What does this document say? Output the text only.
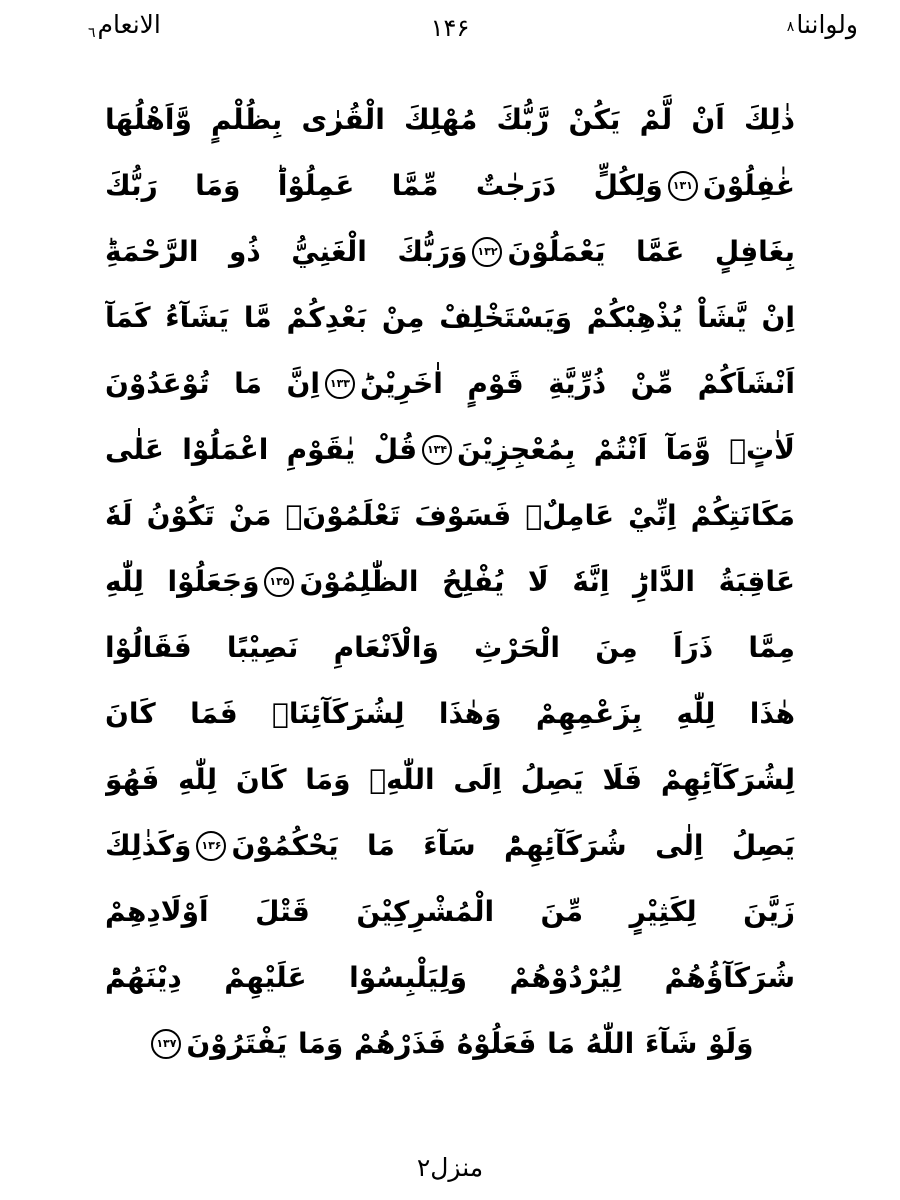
ولواننا٨
۱۴۶
الانعام٦
ذٰلِكَ اَنْ لَّمْ يَكُنْ رَّبُّكَ مُهْلِكَ الْقُرٰى بِظُلْمٍ وَّاَهْلُهَا
غٰفِلُوْنَ۱۳۱وَلِكُلٍّ دَرَجٰتٌ مِّمَّا عَمِلُوْاؕ وَمَا رَبُّكَ
بِغَافِلٍ عَمَّا يَعْمَلُوْنَ۱۳۲وَرَبُّكَ الْغَنِيُّ ذُو الرَّحْمَةِؕ
اِنْ يَّشَاْ يُذْهِبْكُمْ وَيَسْتَخْلِفْ مِنْ بَعْدِكُمْ مَّا يَشَآءُ كَمَآ
اَنْشَاَكُمْ مِّنْ ذُرِّيَّةِ قَوْمٍ اٰخَرِيْنَؕ۱۳۳اِنَّ مَا تُوْعَدُوْنَ
لَاٰتٍۙ وَّمَآ اَنْتُمْ بِمُعْجِزِيْنَ۱۳۴قُلْ يٰقَوْمِ اعْمَلُوْا عَلٰى
مَكَانَتِكُمْ اِنِّيْ عَامِلٌۚ فَسَوْفَ تَعْلَمُوْنَۙ مَنْ تَكُوْنُ لَهٗ
عَاقِبَةُ الدَّارِؕ اِنَّهٗ لَا يُفْلِحُ الظّٰلِمُوْنَ۱۳۵وَجَعَلُوْا لِلّٰهِ
مِمَّا ذَرَاَ مِنَ الْحَرْثِ وَالْاَنْعَامِ نَصِيْبًا فَقَالُوْا
هٰذَا لِلّٰهِ بِزَعْمِهِمْ وَهٰذَا لِشُرَكَآئِنَاۚ فَمَا كَانَ
لِشُرَكَآئِهِمْ فَلَا يَصِلُ اِلَى اللّٰهِۚ وَمَا كَانَ لِلّٰهِ فَهُوَ
يَصِلُ اِلٰى شُرَكَآئِهِمْؕ سَآءَ مَا يَحْكُمُوْنَ۱۳۶وَكَذٰلِكَ
زَيَّنَ لِكَثِيْرٍ مِّنَ الْمُشْرِكِيْنَ قَتْلَ اَوْلَادِهِمْ
شُرَكَآؤُهُمْ لِيُرْدُوْهُمْ وَلِيَلْبِسُوْا عَلَيْهِمْ دِيْنَهُمْؕ
وَلَوْ شَآءَ اللّٰهُ مَا فَعَلُوْهُ فَذَرْهُمْ وَمَا يَفْتَرُوْنَ۱۳۷
منزل۲
